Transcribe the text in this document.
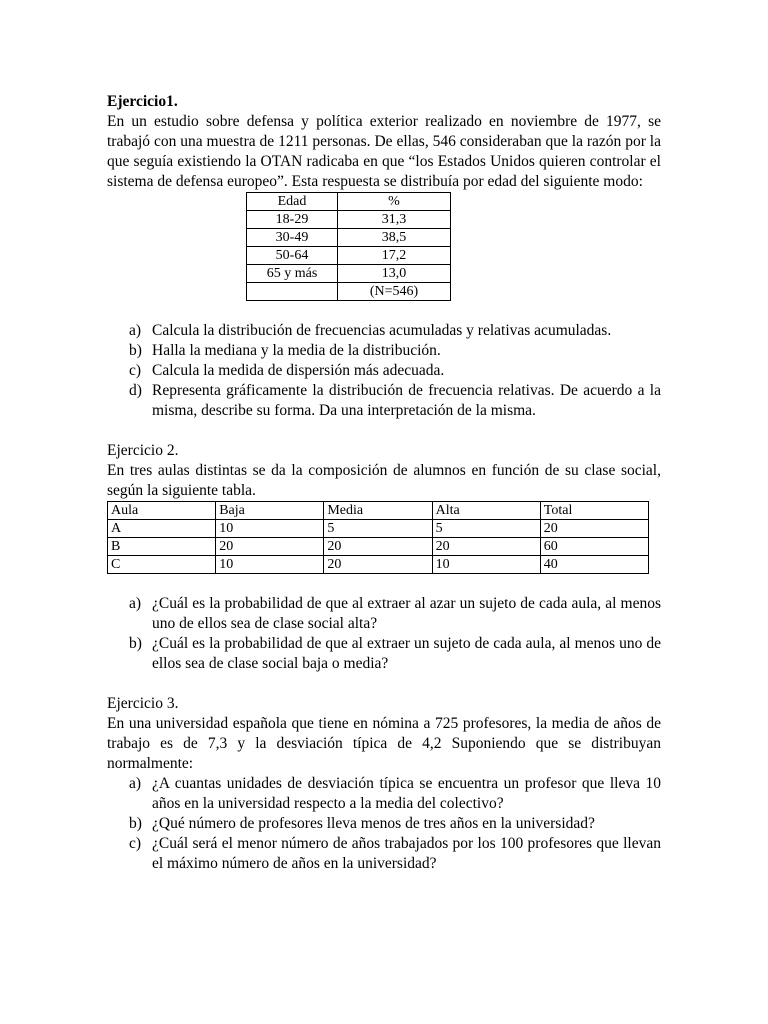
Ejercicio1.

En un estudio sobre defensa y política exterior realizado en noviembre de 1977, se trabajó con una muestra de 1211 personas. De ellas, 546 consideraban que la razón por la que seguía existiendo la OTAN radicaba en que “los Estados Unidos quieren controlar el sistema de defensa europeo”. Esta respuesta se distribuía por edad del siguiente modo:

Edad	%
18-29	31,3
30-49	38,5
50-64	17,2
65 y más	13,0
	(N=546)
a) Calcula la distribución de frecuencias acumuladas y relativas acumuladas.
b) Halla la mediana y la media de la distribución.
c) Calcula la medida de dispersión más adecuada.
d) Representa gráficamente la distribución de frecuencia relativas. De acuerdo a la misma, describe su forma. Da una interpretación de la misma.

Ejercicio 2.

En tres aulas distintas se da la composición de alumnos en función de su clase social, según la siguiente tabla.

Aula	Baja	Media	Alta	Total
A	10	5	5	20
B	20	20	20	60
C	10	20	10	40
a) ¿Cuál es la probabilidad de que al extraer al azar un sujeto de cada aula, al menos uno de ellos sea de clase social alta?
b) ¿Cuál es la probabilidad de que al extraer un sujeto de cada aula, al menos uno de ellos sea de clase social baja o media?

Ejercicio 3.

En una universidad española que tiene en nómina a 725 profesores, la media de años de trabajo es de 7,3 y la desviación típica de 4,2 Suponiendo que se distribuyan normalmente:

a) ¿A cuantas unidades de desviación típica se encuentra un profesor que lleva 10 años en la universidad respecto a la media del colectivo?
b) ¿Qué número de profesores lleva menos de tres años en la universidad?
c) ¿Cuál será el menor número de años trabajados por los 100 profesores que llevan el máximo número de años en la universidad?
